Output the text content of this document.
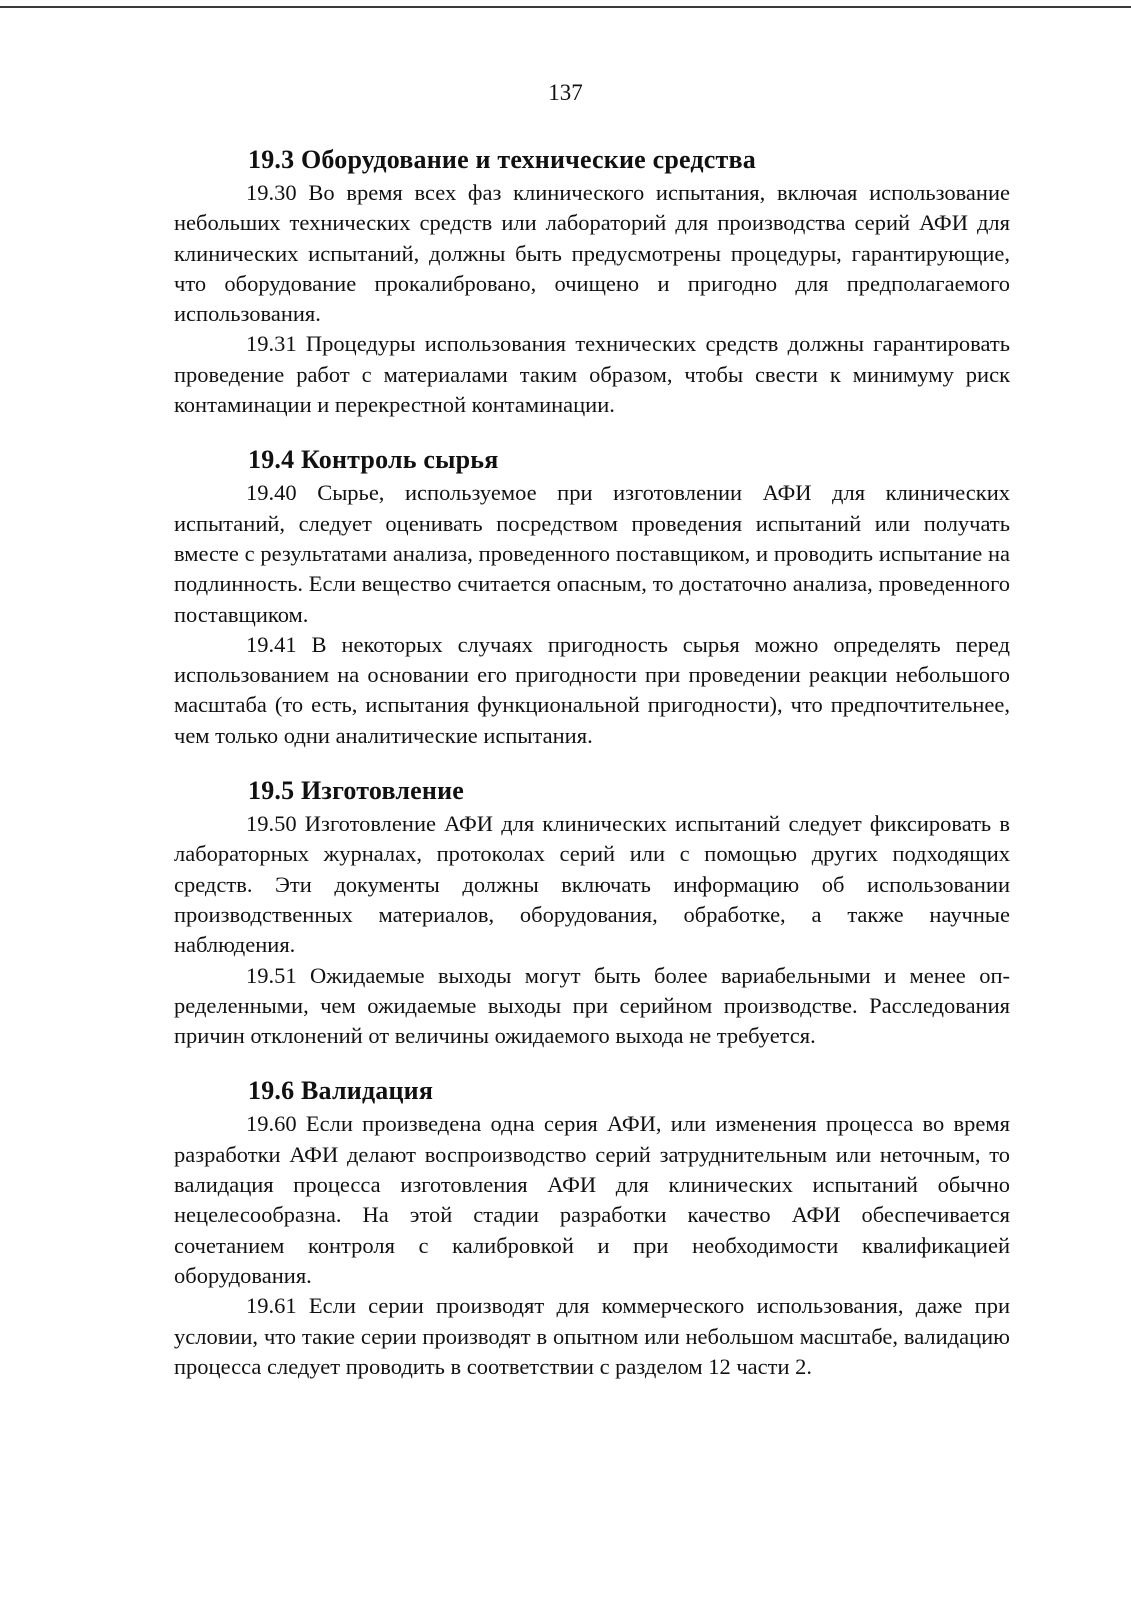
137
19.3 Оборудование и технические средства

19.30 Во время всех фаз клинического испытания, включая использование небольших технических средств или лабораторий для производства серий АФИ для клинических испытаний, должны быть предусмотрены процедуры, гарантирующие, что оборудование прокалибровано, очищено и пригодно для предполагаемого использования.

19.31 Процедуры использования технических средств должны гарантировать проведение работ с материалами таким образом, чтобы свести к минимуму риск контаминации и перекрестной контаминации.

19.4 Контроль сырья

19.40 Сырье, используемое при изготовлении АФИ для клинических испытаний, следует оценивать посредством проведения испытаний или получать вместе с результатами анализа, проведенного поставщиком, и проводить испытание на подлинность. Если вещество считается опасным, то достаточно анализа, проведенного поставщиком.

19.41 В некоторых случаях пригодность сырья можно определять перед использованием на основании его пригодности при проведении реакции небольшого масштаба (то есть, испытания функциональной пригодности), что предпочтительнее, чем только одни аналитические испытания.

19.5 Изготовление

19.50 Изготовление АФИ для клинических испытаний следует фиксировать в лабораторных журналах, протоколах серий или с помощью других подходящих средств. Эти документы должны включать информацию об использовании производственных материалов, оборудования, обработке, а также научные наблюдения.

19.51 Ожидаемые выходы могут быть более вариабельными и менее определенными, чем ожидаемые выходы при серийном производстве. Расследования причин отклонений от величины ожидаемого выхода не требуется.

19.6 Валидация

19.60 Если произведена одна серия АФИ, или изменения процесса во время разработки АФИ делают воспроизводство серий затруднительным или неточным, то валидация процесса изготовления АФИ для клинических испытаний обычно нецелесообразна. На этой стадии разработки качество АФИ обеспечивается сочетанием контроля с калибровкой и при необходимости квалификацией оборудования.

19.61 Если серии производят для коммерческого использования, даже при условии, что такие серии производят в опытном или небольшом масштабе, валидацию процесса следует проводить в соответствии с разделом 12 части 2.
